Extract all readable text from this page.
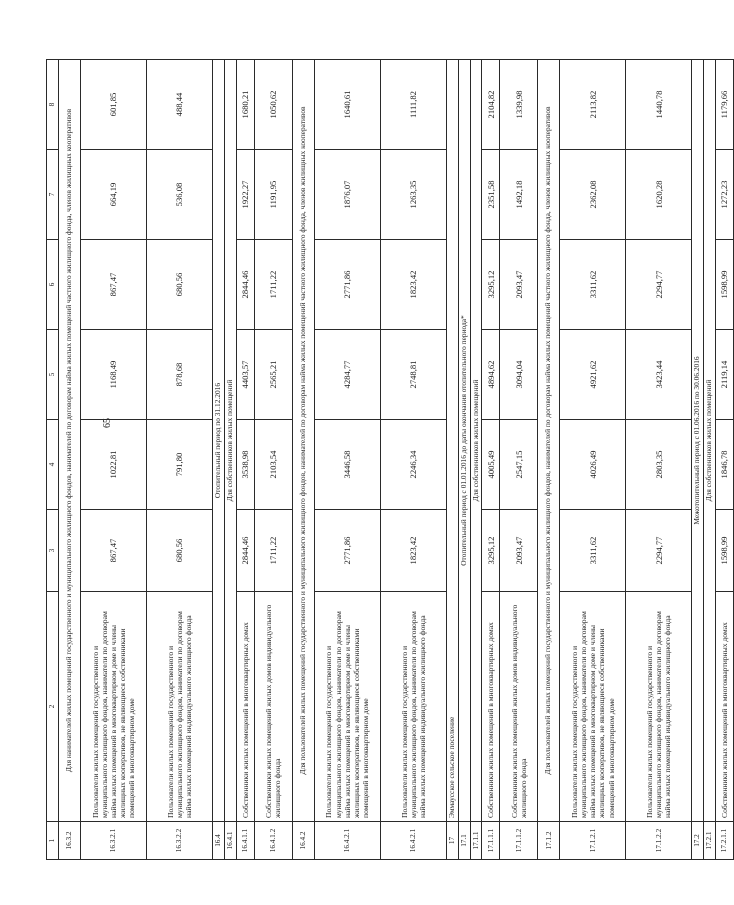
65
1	2	3	4	5	6	7	8
16.3.2	Для нанимателей жилых помещений государственного и муниципального жилищного фондов, нанимателей по договорам найма жилых помещений частного жилищного фонда, членов жилищных кооперативов						
16.3.2.1	Пользователи жилых помещений государственного и муниципального жилищного фондов, наниматели по договорам найма жилых помещений в многоквартирном доме и члены жилищных кооперативов, не являющиеся собственниками помещений в многоквартирном доме	867,47	1022,81	1168,49	867,47	664,19	601,85
16.3.2.2	Пользователи жилых помещений государственного и муниципального жилищного фондов, наниматели по договорам найма жилых помещений индивидуального жилищного фонда	680,56	791,80	878,68	680,56	536,08	488,44
16.4	Отопительный период по 31.12.2016						
16.4.1	Для собственников жилых помещений						
16.4.1.1	Собственники жилых помещений в многоквартирных домах	2844,46	3538,98	4403,57	2844,46	1922,27	1680,21
16.4.1.2	Собственники жилых помещений жилых домов индивидуального жилищного фонда	1711,22	2103,54	2565,21	1711,22	1191,95	1050,62
16.4.2	Для пользователей жилых помещений государственного и муниципального жилищного фондов, нанимателей по договорам найма жилых помещений частного жилищного фонда, членов жилищных кооперативов						
16.4.2.1	Пользователи жилых помещений государственного и муниципального жилищного фондов, наниматели по договорам найма жилых помещений в многоквартирном доме и члены жилищных кооперативов, не являющиеся собственниками помещений в многоквартирном доме	2771,86	3446,58	4284,77	2771,86	1876,07	1640,61
16.4.2.1	Пользователи жилых помещений государственного и муниципального жилищного фондов, наниматели по договорам найма жилых помещений индивидуального жилищного фонда	1823,42	2246,34	2748,81	1823,42	1263,35	1111,82
17	Эммаусское сельское поселение						
17.1	Отопительный период с 01.01.2016 до даты окончания отопительного периода*						
17.1.1	Для собственников жилых помещений						
17.1.1.1	Собственники жилых помещений в многоквартирных домах	3295,12	4005,49	4894,62	3295,12	2351,58	2104,82
17.1.1.2	Собственники жилых помещений жилых домов индивидуального жилищного фонда	2093,47	2547,15	3094,04	2093,47	1492,18	1339,98
17.1.2	Для пользователей жилых помещений государственного и муниципального жилищного фондов, нанимателей по договорам найма жилых помещений частного жилищного фонда, членов жилищных кооперативов						
17.1.2.1	Пользователи жилых помещений государственного и муниципального жилищного фондов, наниматели по договорам найма жилых помещений в многоквартирном доме и члены жилищных кооперативов, не являющиеся собственниками помещений в многоквартирном доме	3311,62	4026,49	4921,62	3311,62	2362,08	2113,82
17.1.2.2	Пользователи жилых помещений государственного и муниципального жилищного фондов, наниматели по договорам найма жилых помещений индивидуального жилищного фонда	2294,77	2803,35	3423,44	2294,77	1620,28	1440,78
17.2	Межотопительный период с 01.06.2016 по 30.06.2016						
17.2.1	Для собственников жилых помещений						
17.2.1.1	Собственники жилых помещений в многоквартирных домах	1598,99	1846,78	2119,14	1598,99	1272,23	1179,66
